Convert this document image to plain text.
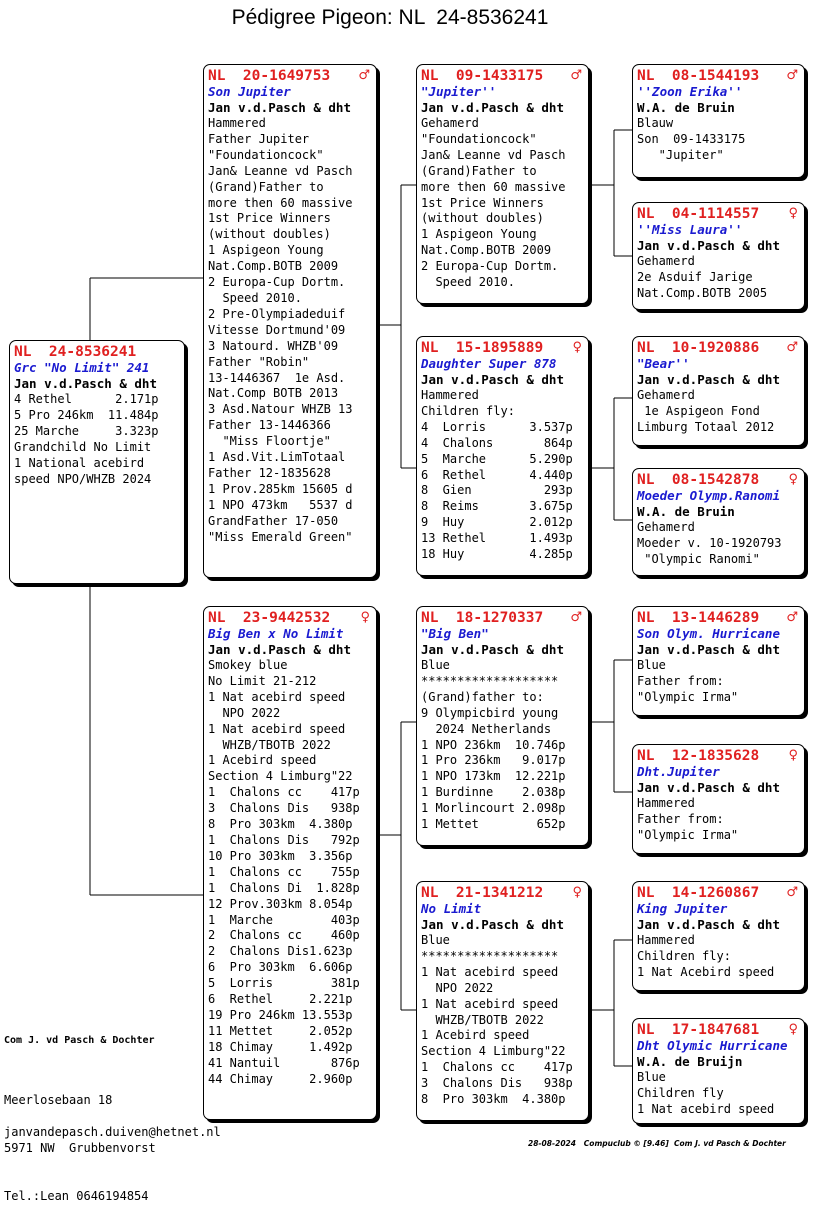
Pédigree Pigeon: NL  24-8536241
NL  24-8536241
Grc "No Limit" 241
Jan v.d.Pasch & dht
4 Rethel      2.171p
5 Pro 246km  11.484p
25 Marche     3.323p
Grandchild No Limit
1 National acebird
speed NPO/WHZB 2024
NL  20-1649753 ♂
Son Jupiter
Jan v.d.Pasch & dht
Hammered
Father Jupiter
"Foundationcock"
Jan& Leanne vd Pasch
(Grand)Father to
more then 60 massive
1st Price Winners
(without doubles)
1 Aspigeon Young
Nat.Comp.BOTB 2009
2 Europa-Cup Dortm.
Speed 2010.
2 Pre-Olympiadeduif
Vitesse Dortmund'09
3 Natourd. WHZB'09
Father "Robin"
13-1446367  1e Asd.
Nat.Comp BOTB 2013
3 Asd.Natour WHZB 13
Father 13-1446366
"Miss Floortje"
1 Asd.Vit.LimTotaal
Father 12-1835628
1 Prov.285km 15605 d
1 NPO 473km   5537 d
GrandFather 17-050
"Miss Emerald Green"
NL  23-9442532 ♀
Big Ben x No Limit
Jan v.d.Pasch & dht
Smokey blue
No Limit 21-212
1 Nat acebird speed
NPO 2022
1 Nat acebird speed
WHZB/TBOTB 2022
1 Acebird speed
Section 4 Limburg"22
1  Chalons cc    417p
3  Chalons Dis   938p
8  Pro 303km  4.380p
1  Chalons Dis   792p
10 Pro 303km  3.356p
1  Chalons cc    755p
1  Chalons Di  1.828p
12 Prov.303km 8.054p
1  Marche        403p
2  Chalons cc    460p
2  Chalons Dis1.623p
6  Pro 303km  6.606p
5  Lorris        381p
6  Rethel     2.221p
19 Pro 246km 13.553p
11 Mettet     2.052p
18 Chimay     1.492p
41 Nantuil       876p
44 Chimay     2.960p
NL  09-1433175 ♂
"Jupiter''
Jan v.d.Pasch & dht
Gehamerd
"Foundationcock"
Jan& Leanne vd Pasch
(Grand)Father to
more then 60 massive
1st Price Winners
(without doubles)
1 Aspigeon Young
Nat.Comp.BOTB 2009
2 Europa-Cup Dortm.
Speed 2010.
NL  15-1895889 ♀
Daughter Super 878
Jan v.d.Pasch & dht
Hammered
Children fly:
4  Lorris      3.537p
4  Chalons       864p
5  Marche      5.290p
6  Rethel      4.440p
8  Gien          293p
8  Reims       3.675p
9  Huy         2.012p
13 Rethel      1.493p
18 Huy         4.285p
NL  18-1270337 ♂
"Big Ben"
Jan v.d.Pasch & dht
Blue
*******************
(Grand)father to:
9 Olympicbird young
2024 Netherlands
1 NPO 236km  10.746p
1 Pro 236km   9.017p
1 NPO 173km  12.221p
1 Burdinne    2.038p
1 Morlincourt 2.098p
1 Mettet        652p
NL  21-1341212 ♀
No Limit
Jan v.d.Pasch & dht
Blue
*******************
1 Nat acebird speed
NPO 2022
1 Nat acebird speed
WHZB/TBOTB 2022
1 Acebird speed
Section 4 Limburg"22
1  Chalons cc    417p
3  Chalons Dis   938p
8  Pro 303km  4.380p
NL  08-1544193 ♂
''Zoon Erika''
W.A. de Bruin
Blauw
Son  09-1433175
"Jupiter"
NL  04-1114557 ♀
''Miss Laura''
Jan v.d.Pasch & dht
Gehamerd
2e Asduif Jarige
Nat.Comp.BOTB 2005
NL  10-1920886 ♂
"Bear''
Jan v.d.Pasch & dht
Gehamerd
1e Aspigeon Fond
Limburg Totaal 2012
NL  08-1542878 ♀
Moeder Olymp.Ranomi
W.A. de Bruin
Gehamerd
Moeder v. 10-1920793
"Olympic Ranomi"
NL  13-1446289 ♂
Son Olym. Hurricane
Jan v.d.Pasch & dht
Blue
Father from:
"Olympic Irma"
NL  12-1835628 ♀
Dht.Jupiter
Jan v.d.Pasch & dht
Hammered
Father from:
"Olympic Irma"
NL  14-1260867 ♂
King Jupiter
Jan v.d.Pasch & dht
Hammered
Children fly:
1 Nat Acebird speed
NL  17-1847681 ♀
Dht Olymic Hurricane
W.A. de Bruijn
Blue
Children fly
1 Nat acebird speed
Com J. vd Pasch & Dochter

Meerlosebaan 18

5971 NW  Grubbenvorst

Tel.:Lean 0646194854

janvandepasch.duiven@hetnet.nl
28-08-2024   Compuclub © [9.46]  Com J. vd Pasch & Dochter
